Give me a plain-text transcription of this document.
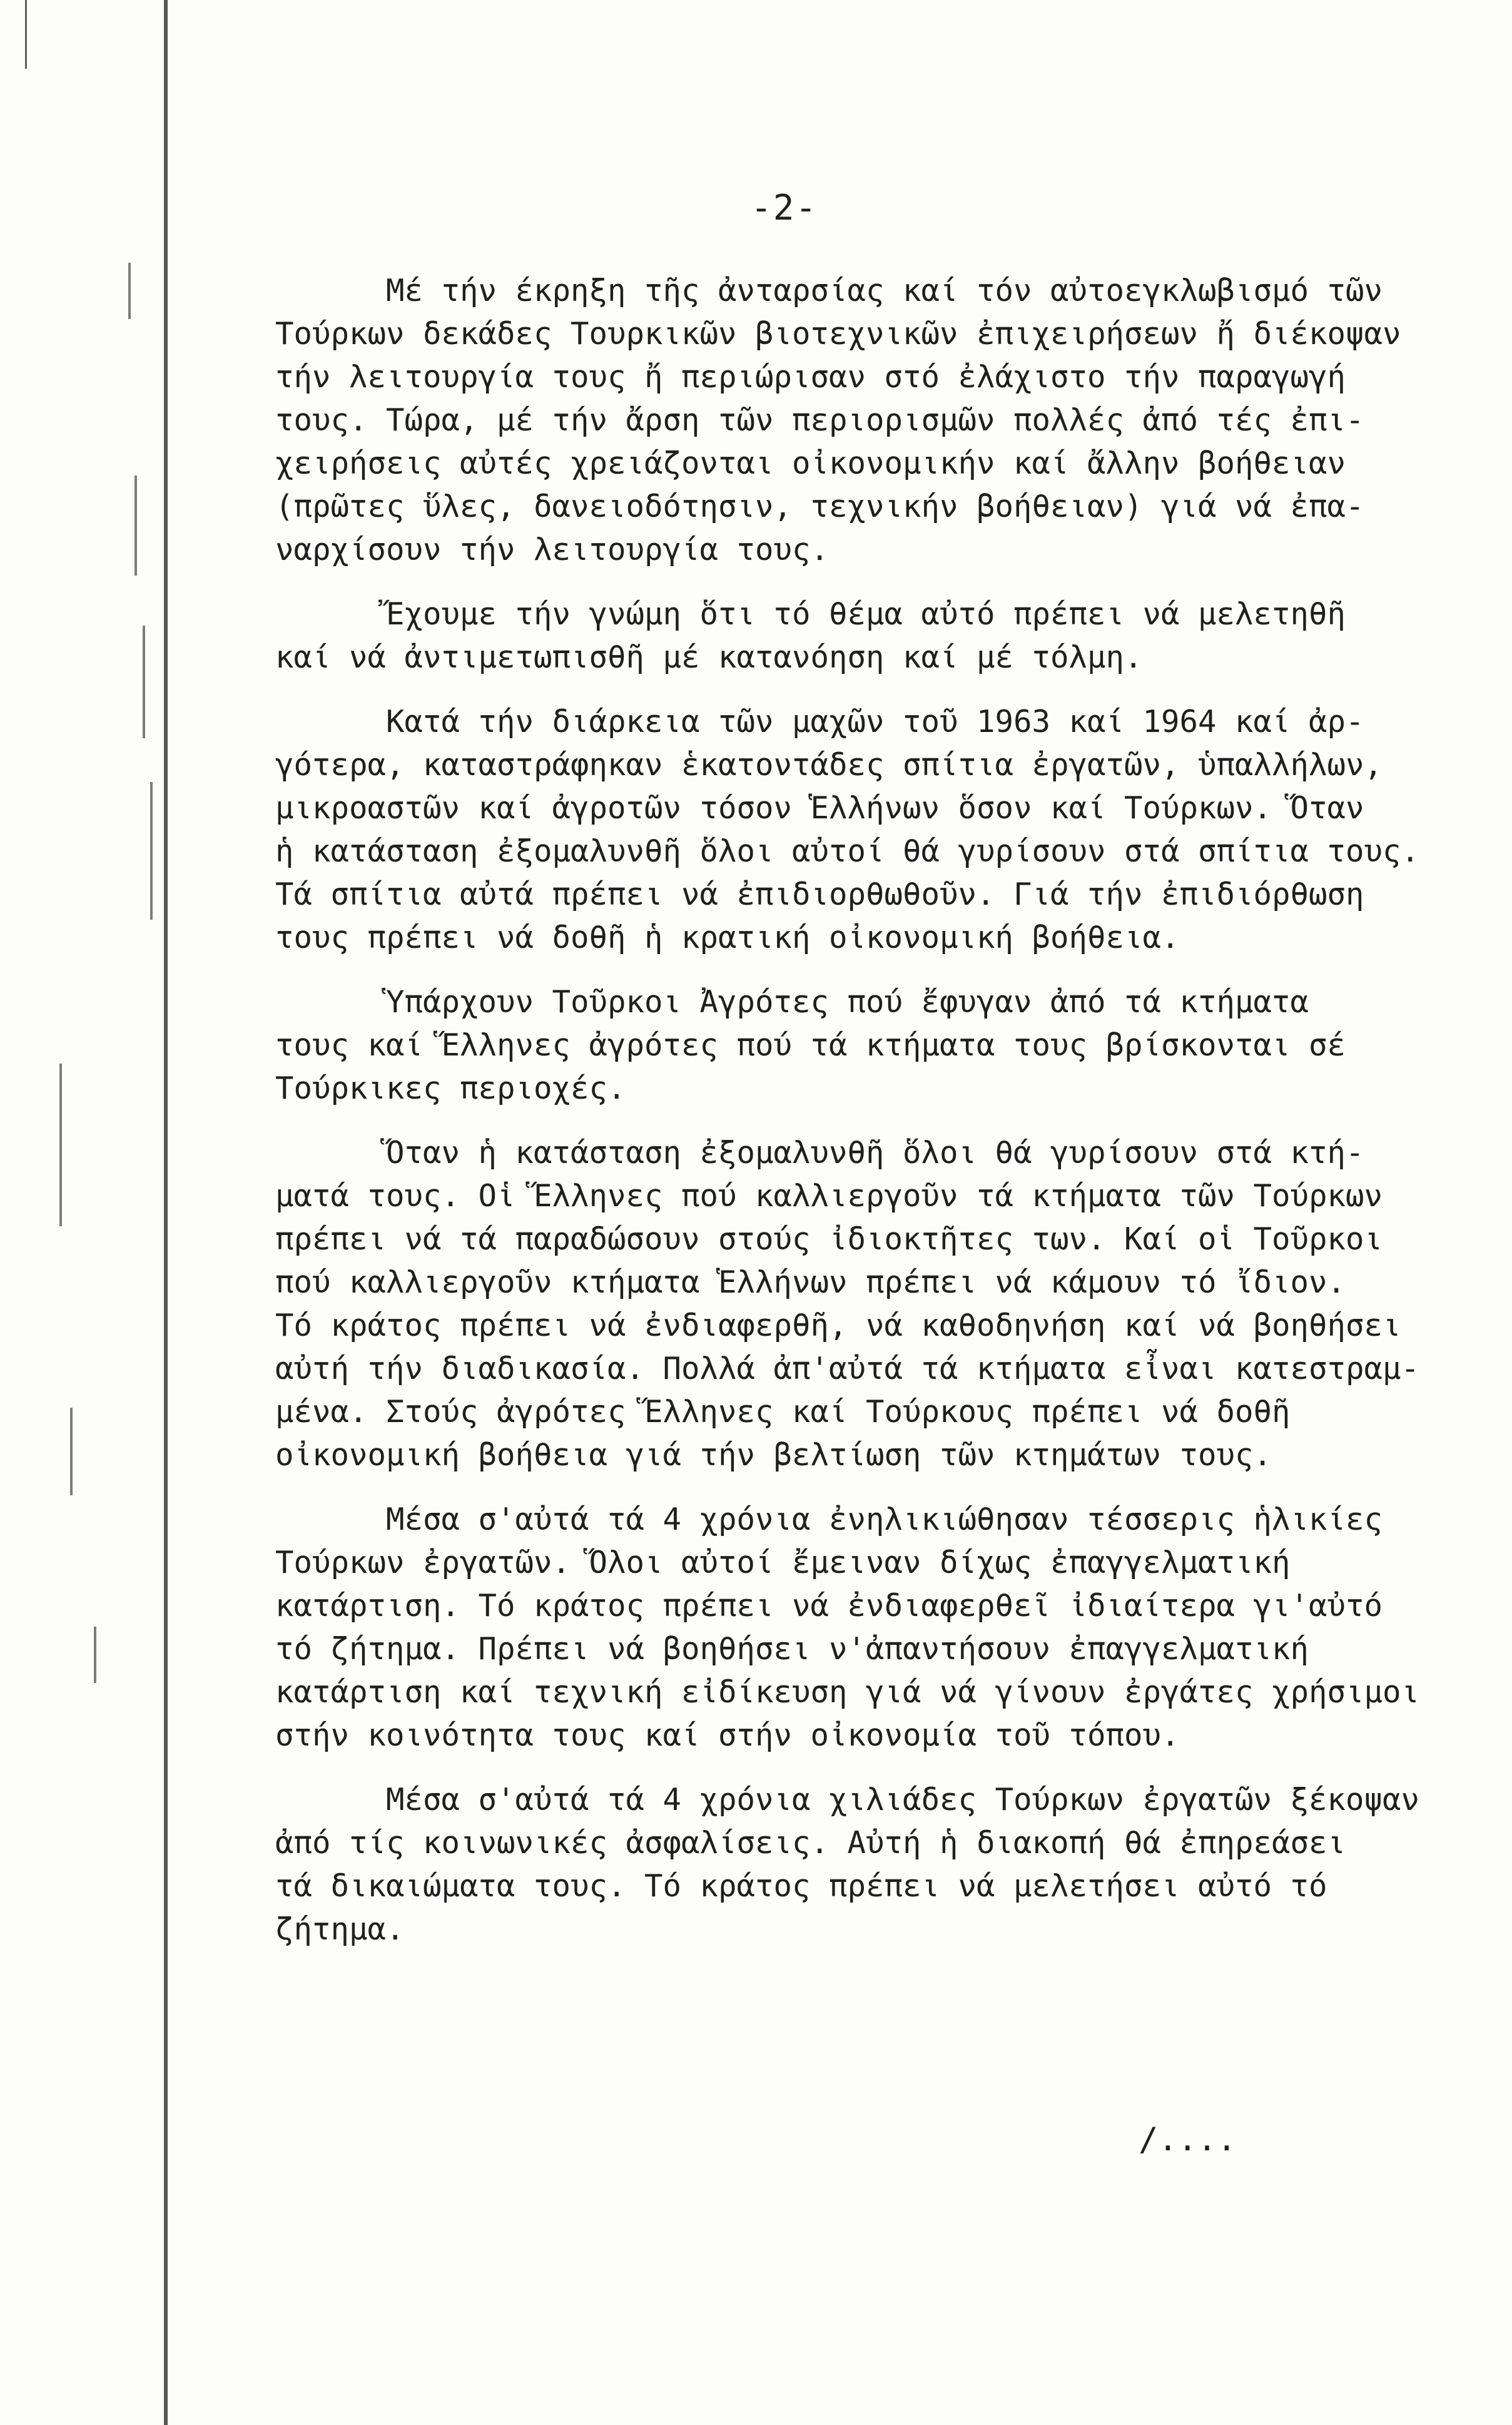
-2-

Μέ τήν έκρηξη τῆς ἀνταρσίας καί τόν αὐτοεγκλωβισμό τῶν

Τούρκων δεκάδες Τουρκικῶν βιοτεχνικῶν ἐπιχειρήσεων ἤ διέκοψαν

τήν λειτουργία τους ἤ περιώρισαν στό ἐλάχιστο τήν παραγωγή

τους. Τώρα, μέ τήν ἄρση τῶν περιορισμῶν πολλές ἀπό τές ἐπι-

χειρήσεις αὐτές χρειάζονται οἰκονομικήν καί ἄλλην βοήθειαν

(πρῶτες ὕλες, δανειοδότησιν, τεχνικήν βοήθειαν) γιά νά ἐπα-

ναρχίσουν τήν λειτουργία τους.

Ἔχουμε τήν γνώμη ὅτι τό θέμα αὐτό πρέπει νά μελετηθῆ

καί νά ἀντιμετωπισθῆ μέ κατανόηση καί μέ τόλμη.

Κατά τήν διάρκεια τῶν μαχῶν τοῦ 1963 καί 1964 καί ἀρ-

γότερα, καταστράφηκαν ἑκατοντάδες σπίτια ἐργατῶν, ὑπαλλήλων,

μικροαστῶν καί ἀγροτῶν τόσον Ἑλλήνων ὅσον καί Τούρκων. Ὅταν

ἡ κατάσταση ἐξομαλυνθῆ ὅλοι αὐτοί θά γυρίσουν στά σπίτια τους.

Τά σπίτια αὐτά πρέπει νά ἐπιδιορθωθοῦν. Γιά τήν ἐπιδιόρθωση

τους πρέπει νά δοθῆ ἡ κρατική οἰκονομική βοήθεια.

Ὑπάρχουν Τοῦρκοι Ἀγρότες πού ἔφυγαν ἀπό τά κτήματα

τους καί Ἕλληνες ἀγρότες πού τά κτήματα τους βρίσκονται σέ

Τούρκικες περιοχές.

Ὅταν ἡ κατάσταση ἐξομαλυνθῆ ὅλοι θά γυρίσουν στά κτή-

ματά τους. Οἱ Ἕλληνες πού καλλιεργοῦν τά κτήματα τῶν Τούρκων

πρέπει νά τά παραδώσουν στούς ἰδιοκτῆτες των. Καί οἱ Τοῦρκοι

πού καλλιεργοῦν κτήματα Ἑλλήνων πρέπει νά κάμουν τό ἴδιον.

Τό κράτος πρέπει νά ἐνδιαφερθῆ, νά καθοδηνήση καί νά βοηθήσει

αὐτή τήν διαδικασία. Πολλά ἀπ'αὐτά τά κτήματα εἶναι κατεστραμ-

μένα. Στούς ἀγρότες Ἕλληνες καί Τούρκους πρέπει νά δοθῆ

οἰκονομική βοήθεια γιά τήν βελτίωση τῶν κτημάτων τους.

Μέσα σ'αὐτά τά 4 χρόνια ἐνηλικιώθησαν τέσσερις ἡλικίες

Τούρκων ἐργατῶν. Ὅλοι αὐτοί ἔμειναν δίχως ἐπαγγελματική

κατάρτιση. Τό κράτος πρέπει νά ἐνδιαφερθεῖ ἰδιαίτερα γι'αὐτό

τό ζήτημα. Πρέπει νά βοηθήσει ν'ἀπαντήσουν ἐπαγγελματική

κατάρτιση καί τεχνική εἰδίκευση γιά νά γίνουν ἐργάτες χρήσιμοι

στήν κοινότητα τους καί στήν οἰκονομία τοῦ τόπου.

Μέσα σ'αὐτά τά 4 χρόνια χιλιάδες Τούρκων ἐργατῶν ξέκοψαν

ἀπό τίς κοινωνικές ἀσφαλίσεις. Αὐτή ἡ διακοπή θά ἐπηρεάσει

τά δικαιώματα τους. Τό κράτος πρέπει νά μελετήσει αὐτό τό

ζήτημα.

/....
